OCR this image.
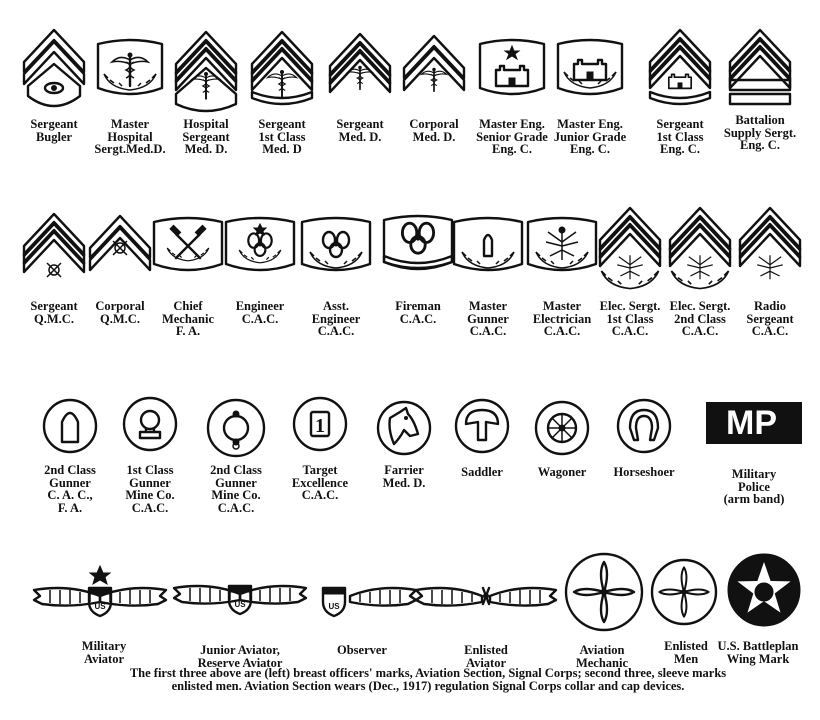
Sergeant
Bugler
Master
Hospital
Sergt.Med.D.
Hospital
Sergeant
Med. D.
Sergeant
1st Class
Med. D
Sergeant
Med. D.
Corporal
Med. D.
Master Eng.
Senior Grade
Eng. C.
Master Eng.
Junior Grade
Eng. C.
Sergeant
1st Class
Eng. C.
Battalion
Supply Sergt.
Eng. C.
Sergeant
Q.M.C.
Corporal
Q.M.C.
Chief
Mechanic
F. A.
Engineer
C.A.C.
Asst.
Engineer
C.A.C.
Fireman
C.A.C.
Master
Gunner
C.A.C.
Master
Electrician
C.A.C.
Elec. Sergt.
1st Class
C.A.C.
Elec. Sergt.
2nd Class
C.A.C.
Radio
Sergeant
C.A.C.
2nd Class
Gunner
C. A. C.,
F. A.
1st Class
Gunner
Mine Co.
C.A.C.
2nd Class
Gunner
Mine Co.
C.A.C.
1
Target
Excellence
C.A.C.
Farrier
Med. D.
Saddler	Wagoner	Horseshoer
MP
Military
Police
(arm band)
Military
Aviator
Junior Aviator,
Reserve Aviator
Observer	Enlisted
Aviator
Aviation
Mechanic
Enlisted
Men
U.S. Battleplan
Wing Mark
The first three above are (left) breast officers' marks, Aviation Section, Signal Corps; second three, sleeve marks
enlisted men. Aviation Section wears (Dec., 1917) regulation Signal Corps collar and cap devices.
